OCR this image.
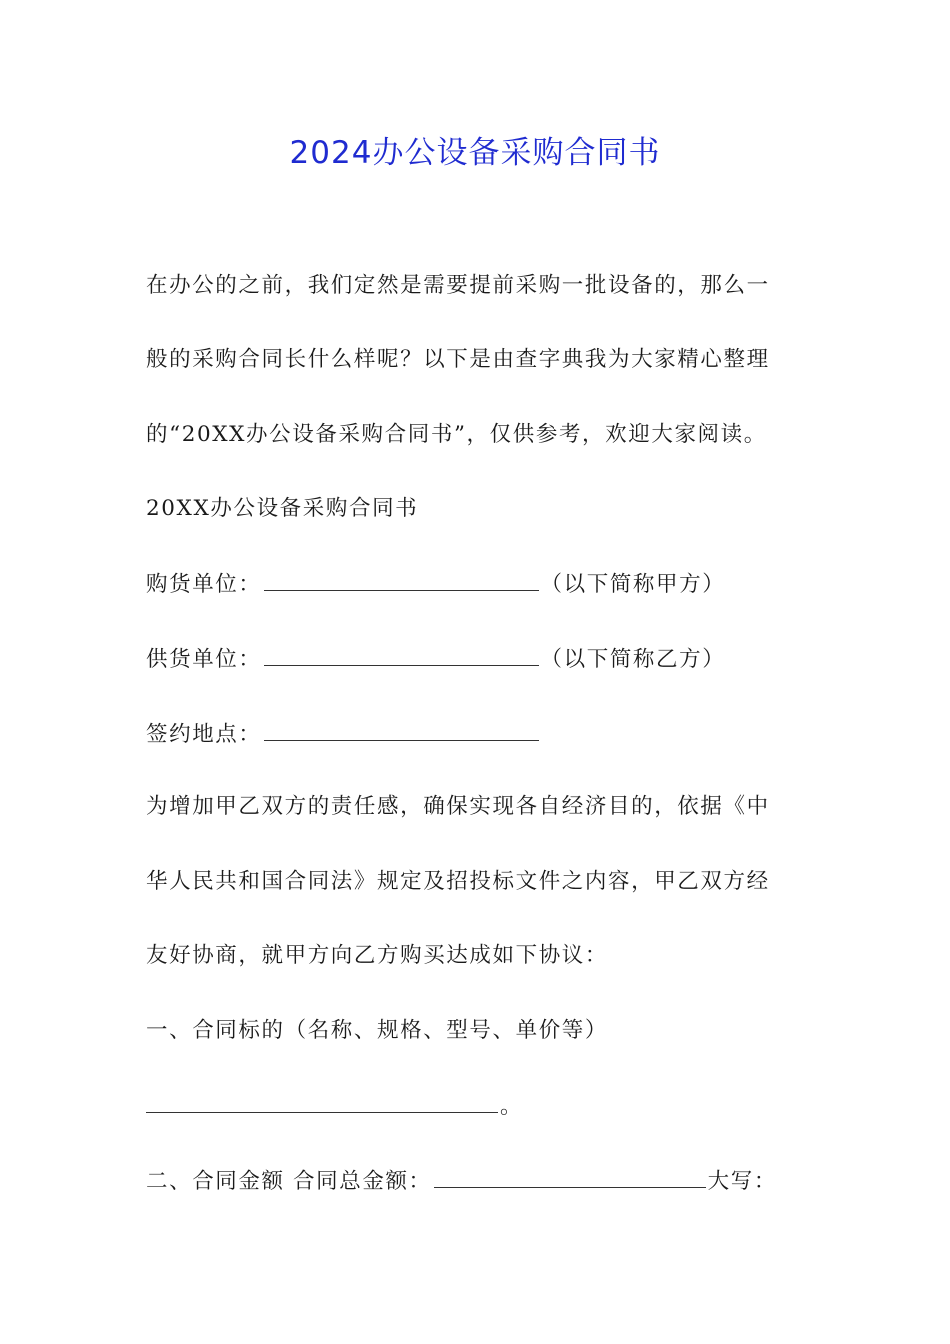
2024办公设备采购合同书
在办公的之前，我们定然是需要提前采购一批设备的，那么一
般的采购合同长什么样呢？以下是由查字典我为大家精心整理
的“20XX办公设备采购合同书”，仅供参考，欢迎大家阅读。
20XX办公设备采购合同书
购货单位：	（以下简称甲方）
供货单位：	（以下简称乙方）
签约地点：
为增加甲乙双方的责任感，确保实现各自经济目的，依据《中
华人民共和国合同法》规定及招投标文件之内容，甲乙双方经
友好协商，就甲方向乙方购买达成如下协议：
一、合同标的（名称、规格、型号、单价等）
。
二、合同金额 合同总金额：	大写：
